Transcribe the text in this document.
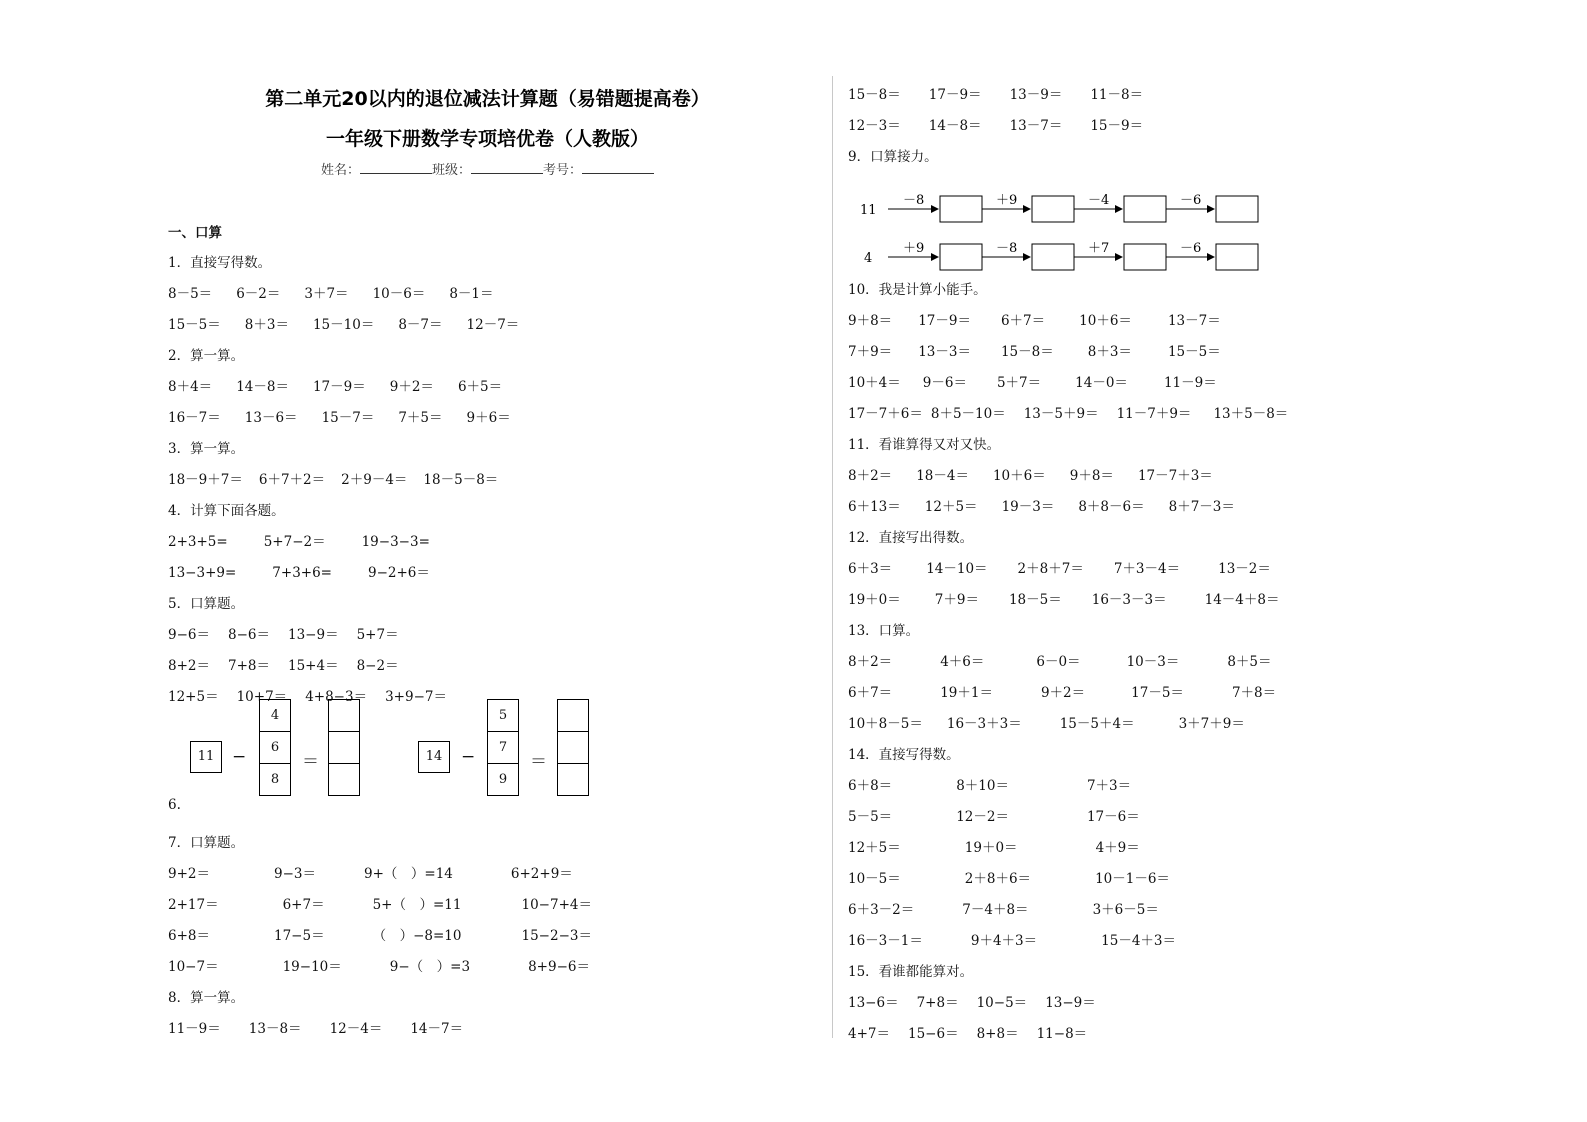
第二单元20以内的退位减法计算题（易错题提高卷）
一年级下册数学专项培优卷（人教版）
姓名：	班级：	考号：
一、口算
1．直接写得数。
8－5＝ 6－2＝ 3＋7＝ 10－6＝ 8－1＝
15－5＝ 8＋3＝ 15－10＝ 8－7＝ 12－7＝
2．算一算。
8＋4＝ 14－8＝ 17－9＝ 9＋2＝ 6＋5＝
16－7＝ 13－6＝ 15－7＝ 7＋5＝ 9＋6＝
3．算一算。
18－9＋7＝ 6＋7＋2＝ 2＋9－4＝ 18－5－8＝
4．计算下面各题。
2+3+5=	5+7−2＝	19−3−3=
13−3+9=	7+3+6=	9−2+6＝
5．口算题。
9−6＝ 8−6＝ 13−9＝ 5+7＝
8+2＝ 7+8＝ 15+4＝ 8−2＝
12+5＝ 10+7＝ 4+8−3＝ 3+9−7＝
6.
11	−
4
6
8
＝	14	−
5
7
9
＝
7．口算题。
9+2＝	9−3＝	9+（　）=14	6+2+9＝
2+17＝	6+7＝	5+（　）=11	10−7+4＝
6+8＝	17−5＝	（　）−8=10	15−2−3＝
10−7＝	19−10＝	9−（　）=3	8+9−6＝
8．算一算。
11－9＝ 13－8＝ 12－4＝ 14－7＝
15－8＝ 17－9＝ 13－9＝ 11－8＝
12－3＝ 14－8＝ 13－7＝ 15－9＝
9．口算接力。
11
－8	＋9	－4	－6
4
＋9	－8	＋7	－6
10．我是计算小能手。
9＋8＝ 17－9＝ 6＋7＝	10＋6＝	13－7＝
7＋9＝ 13－3＝ 15－8＝	8＋3＝	15－5＝
10＋4＝ 9－6＝ 5＋7＝	14－0＝	11－9＝
17－7＋6＝ 8＋5－10＝ 13－5＋9＝ 11－7＋9＝ 13＋5－8＝
11．看谁算得又对又快。
8＋2＝ 18－4＝ 10＋6＝ 9＋8＝ 17－7＋3＝
6＋13＝ 12＋5＝ 19－3＝ 8＋8－6＝ 8＋7－3＝
12．直接写出得数。
6＋3＝	14－10＝ 2＋8＋7＝ 7＋3－4＝	13－2＝
19＋0＝	7＋9＝ 18－5＝ 16－3－3＝	14－4＋8＝
13．口算。
8＋2＝	4＋6＝	6－0＝	10－3＝	8＋5＝
6＋7＝	19＋1＝	9＋2＝	17－5＝	7＋8＝
10＋8－5＝ 16－3＋3＝	15－5＋4＝	3＋7＋9＝
14．直接写得数。
6＋8＝	8＋10＝	7＋3＝
5－5＝	12－2＝	17－6＝
12＋5＝	19＋0＝	4＋9＝
10－5＝	2＋8＋6＝	10－1－6＝
6＋3－2＝	7－4＋8＝	3＋6－5＝
16－3－1＝	9＋4＋3＝	15－4＋3＝
15．看谁都能算对。
13−6＝ 7+8＝ 10−5＝ 13−9＝
4+7＝ 15−6＝ 8+8＝ 11−8＝
